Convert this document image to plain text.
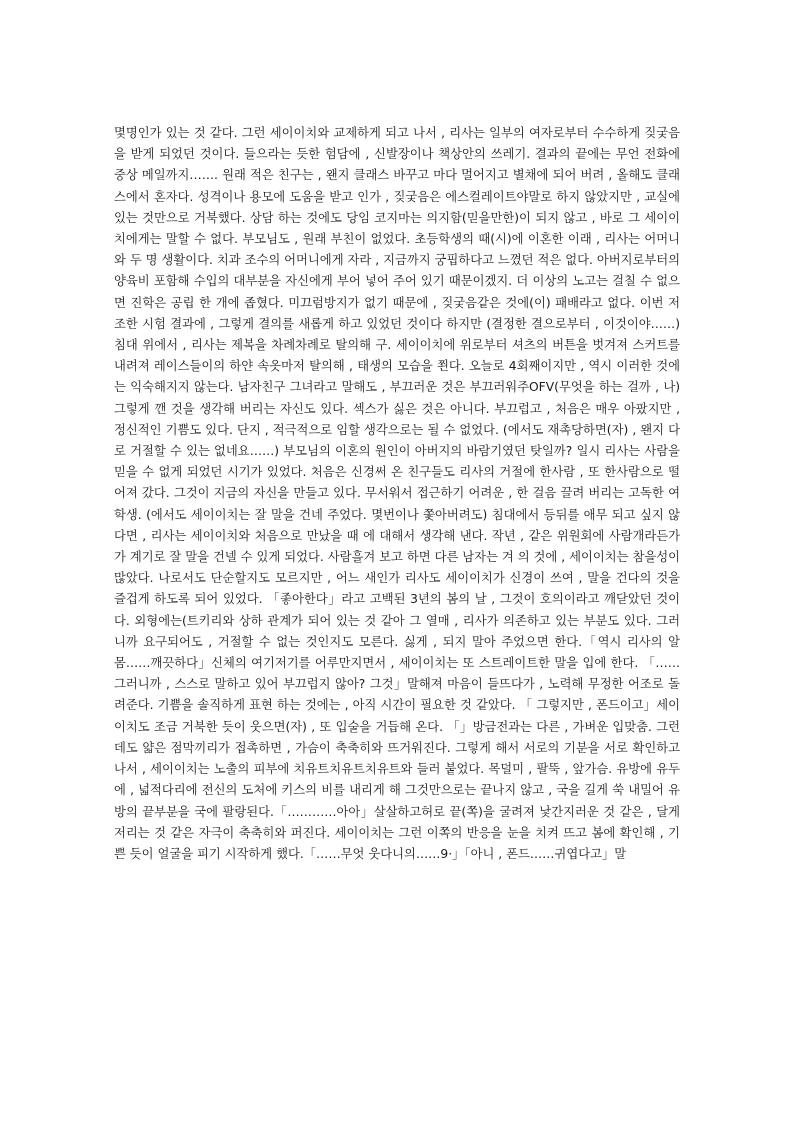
몇명인가 있는 것 같다. 그런 세이이치와 교제하게 되고 나서 , 리사는 일부의 여자로부터 수수하게 짖궂음을 받게 되었던 것이다. 들으라는 듯한 험담에 , 신발장이나 책상안의 쓰레기. 결과의 끝에는 무언 전화에 중상 메일까지……. 원래 적은 친구는 , 왠지 클래스 바꾸고 마다 멀어지고 별채에 되어 버려 , 올해도 클래스에서 혼자다. 성격이나 용모에 도움을 받고 인가 , 짖궂음은 에스컬레이트야말로 하지 않았지만 , 교실에 있는 것만으로 거북했다. 상담 하는 것에도 당임 코지마는 의지함(믿을만한)이 되지 않고 , 바로 그 세이이치에게는 말할 수 없다. 부모님도 , 원래 부친이 없었다. 초등학생의 때(시)에 이혼한 이래 , 리사는 어머니와 두 명 생활이다. 치과 조수의 어머니에게 자라 , 지금까지 궁핍하다고 느꼈던 적은 없다. 아버지로부터의 양육비 포함해 수입의 대부분을 자신에게 부어 넣어 주어 있기 때문이겠지. 더 이상의 노고는 걸칠 수 없으면 진학은 공립 한 개에 좁혔다. 미끄럼방지가 없기 때문에 , 짖궂음같은 것에(이) 패배라고 없다. 이번 저조한 시험 결과에 , 그렇게 결의를 새롭게 하고 있었던 것이다 하지만 (결정한 결으로부터 , 이것이야……) 침대 위에서 , 리사는 제복을 차례차례로 탈의해 구. 세이이치에 위로부터 셔츠의 버튼을 벗겨져 스커트를 내려져 레이스들이의 하얀 속옷마저 탈의해 , 태생의 모습을 쬔다. 오늘로 4회째이지만 , 역시 이러한 것에는 익숙해지지 않는다. 남자친구 그녀라고 말해도 , 부끄러운 것은 부끄러워주OFV(무엇을 하는 걸까 , 나) 그렇게 깬 것을 생각해 버리는 자신도 있다. 섹스가 싫은 것은 아니다. 부끄럽고 , 처음은 매우 아팠지만 , 정신적인 기쁨도 있다. 단지 , 적극적으로 임할 생각으로는 될 수 없었다. (에서도 재촉당하면(자) , 왠지 다로 거절할 수 있는 없네요……) 부모님의 이혼의 원인이 아버지의 바람기였던 탓일까? 일시 리사는 사람을 믿을 수 없게 되었던 시기가 있었다. 처음은 신경써 온 친구들도 리사의 거절에 한사람 , 또 한사람으로 떨어져 갔다. 그것이 지금의 자신을 만들고 있다. 무서워서 접근하기 어려운 , 한 걸음 끌려 버리는 고독한 여학생. (에서도 세이이치는 잘 말을 건네 주었다. 몇번이나 쫓아버려도) 침대에서 등뒤를 애무 되고 싶지 않다면 , 리사는 세이이치와 처음으로 만났을 때 에 대해서 생각해 낸다. 작년 , 같은 위원회에 사람개라든가가 계기로 잘 말을 건넬 수 있게 되었다. 사람흘겨 보고 하면 다른 남자는 겨 의 것에 , 세이이치는 참을성이 많았다. 나로서도 단순할지도 모르지만 , 어느 새인가 리사도 세이이치가 신경이 쓰여 , 말을 건다의 것을 즐겁게 하도록 되어 있었다. 「좋아한다」라고 고백된 3년의 봄의 날 , 그것이 호의이라고 깨닫았던 것이다. 외형에는(트키리와 상하 관계가 되어 있는 것 같아 그 열매 , 리사가 의존하고 있는 부분도 있다. 그러니까 요구되어도 , 거절할 수 없는 것인지도 모른다. 싫게 , 되지 말아 주었으면 한다.「역시 리사의 알몸……깨끗하다」신체의 여기저기를 어루만지면서 , 세이이치는 또 스트레이트한 말을 입에 한다. 「……그러니까 , 스스로 말하고 있어 부끄럽지 않아? 그것」말해져 마음이 들뜨다가 , 노력해 무정한 어조로 돌려준다. 기쁨을 솔직하게 표현 하는 것에는 , 아직 시간이 필요한 것 같았다. 「 그렇지만 , 폰드이고」세이이치도 조금 거북한 듯이 웃으면(자) , 또 입술을 거듭해 온다. 「」방금전과는 다른 , 가벼운 입맞춤. 그런데도 얇은 점막끼리가 접촉하면 , 가슴이 축축히와 뜨거워진다. 그렇게 해서 서로의 기분을 서로 확인하고 나서 , 세이이치는 노출의 피부에 치유트치유트치유트와 들러 붙었다. 목덜미 , 팔뚝 , 앞가슴. 유방에 유두에 , 넓적다리에 전신의 도처에 키스의 비를 내리게 해 그것만으로는 끝나지 않고 , 국을 길게 쑥 내밀어 유방의 끝부분을 국에 팔랑된다.「…………아아」살살하고허로 끝(쪽)을 굴려져 낯간지러운 것 같은 , 달게 저리는 것 같은 자극이 축축히와 퍼진다. 세이이치는 그런 이쪽의 반응을 눈을 치켜 뜨고 봄에 확인해 , 기쁜 듯이 얼굴을 피기 시작하게 했다.「……무엇 웃다니의……9·」「아니 , 폰드……귀엽다고」말
